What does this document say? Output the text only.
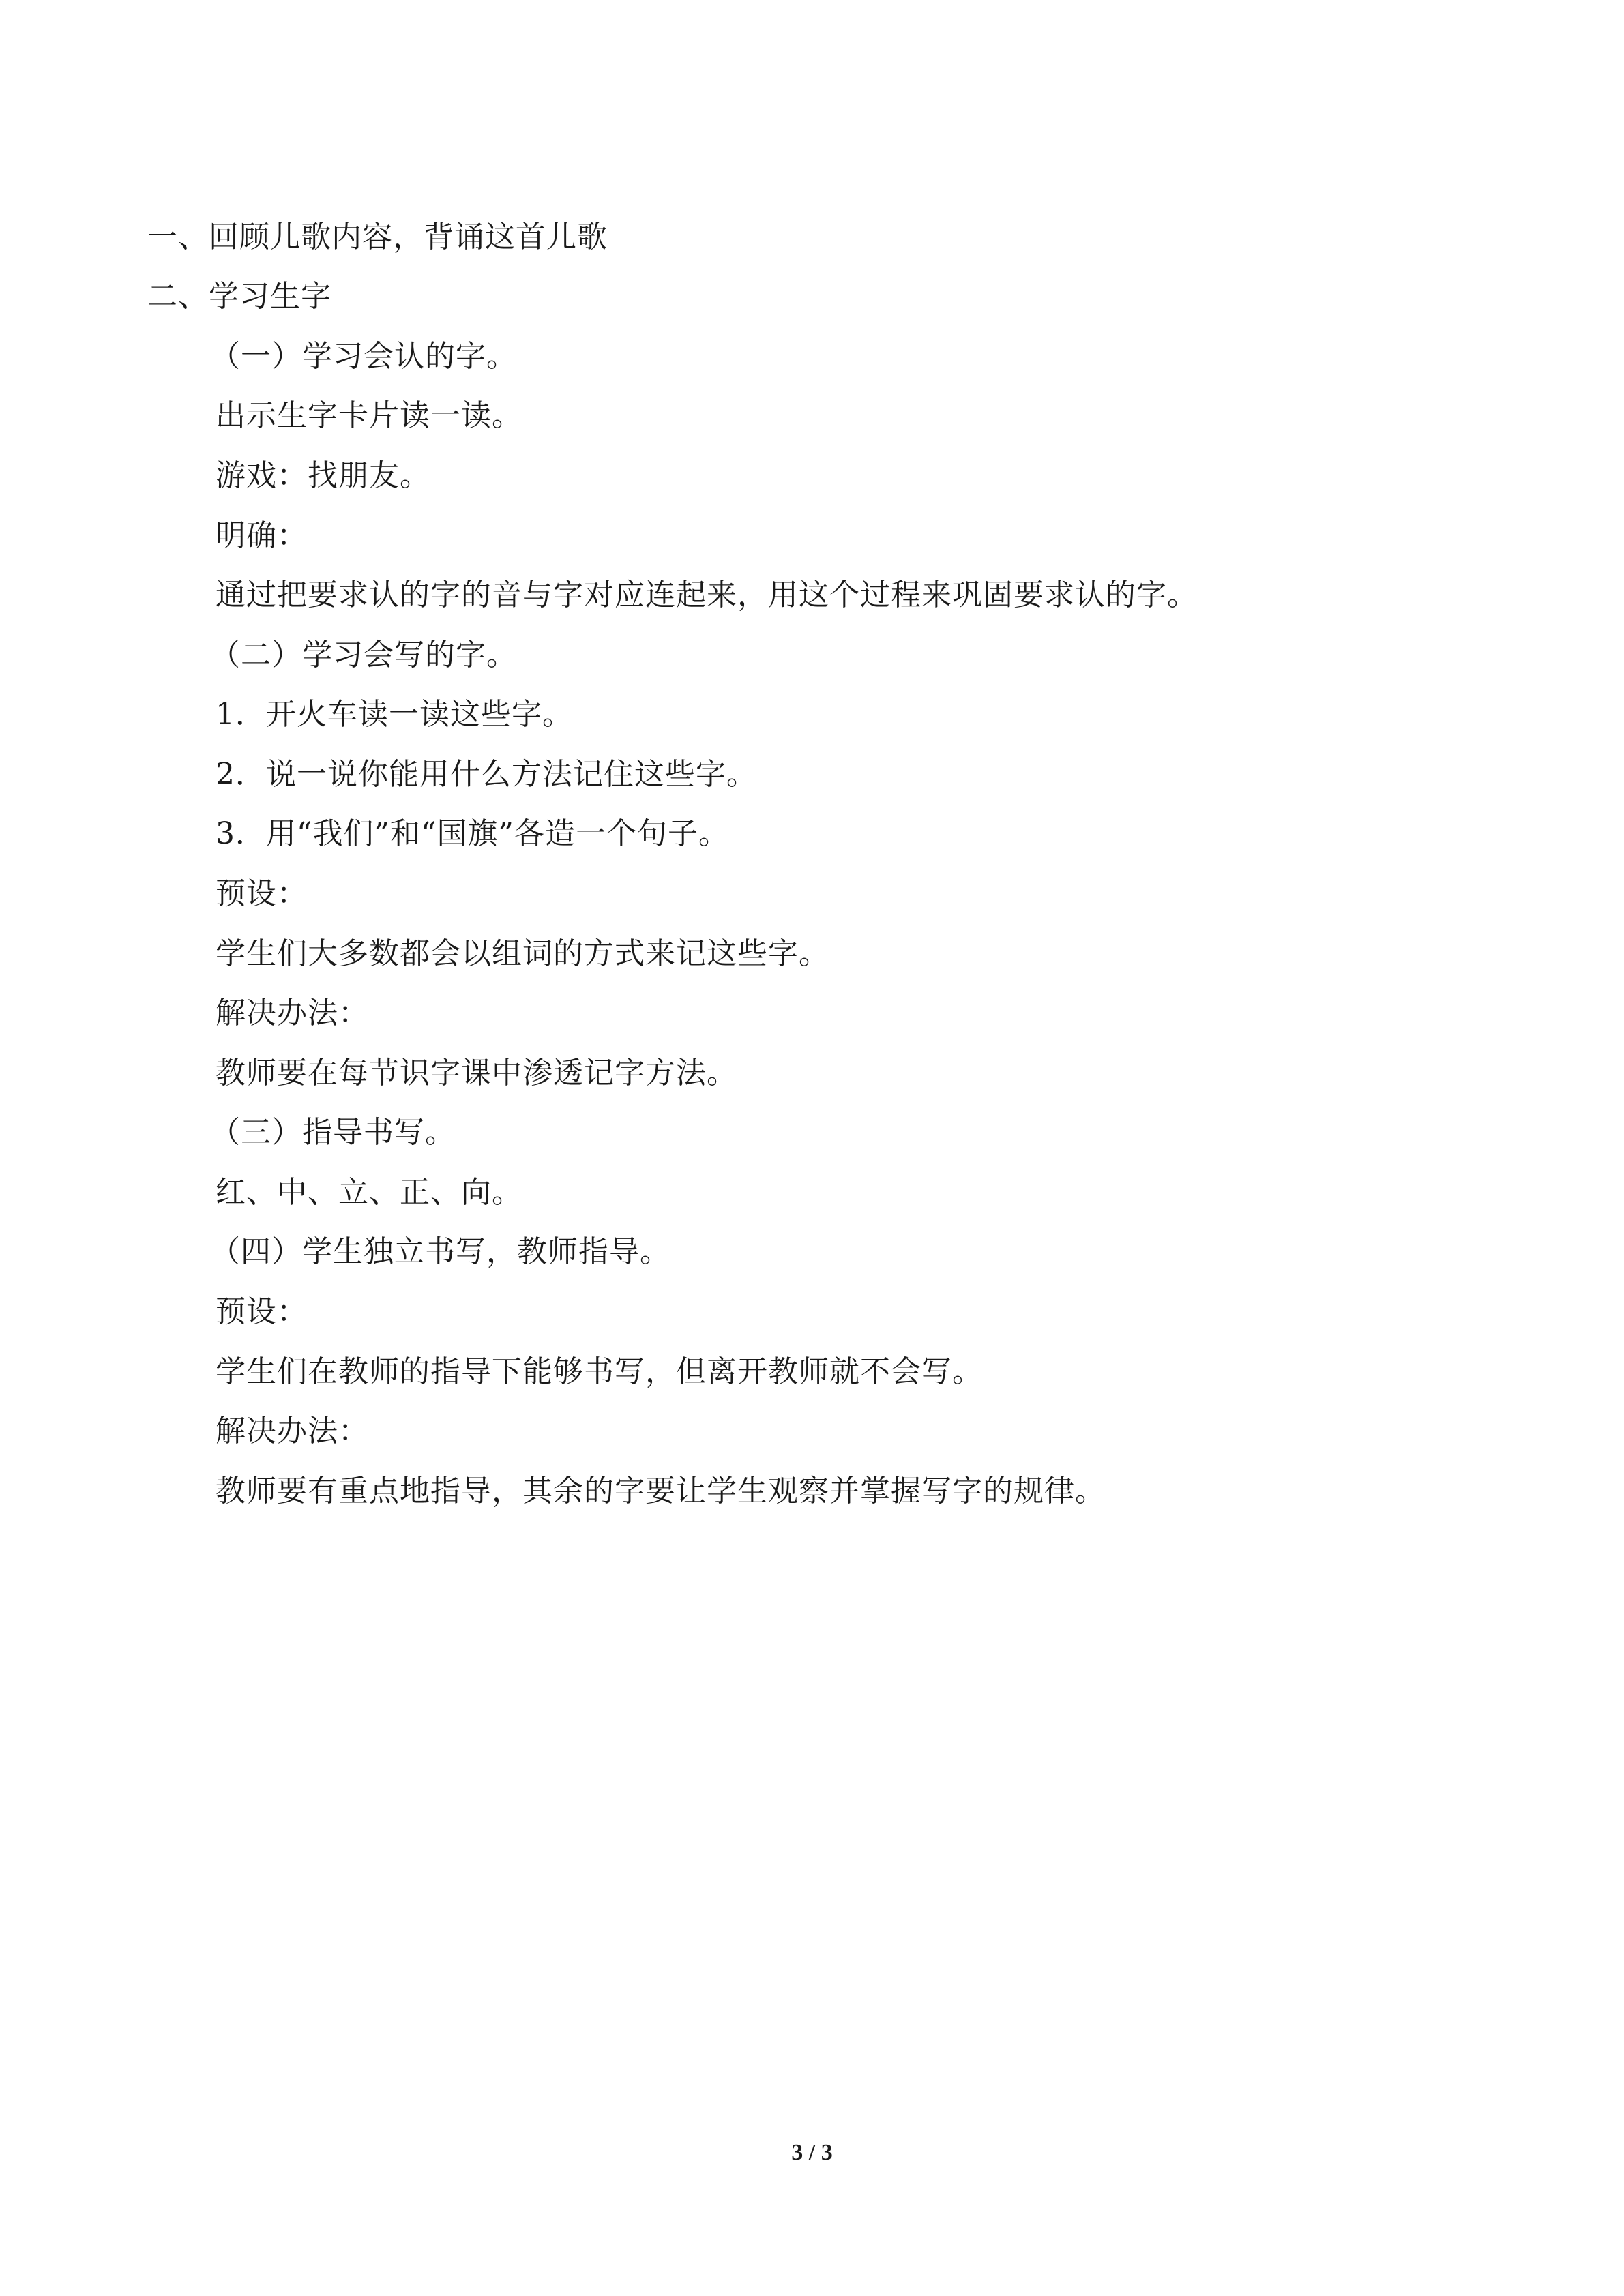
一、回顾儿歌内容，背诵这首儿歌
二、学习生字
（一）学习会认的字。
出示生字卡片读一读。
游戏：找朋友。
明确：
通过把要求认的字的音与字对应连起来，用这个过程来巩固要求认的字。
（二）学习会写的字。
1．开火车读一读这些字。
2．说一说你能用什么方法记住这些字。
3．用“我们”和“国旗”各造一个句子。
预设：
学生们大多数都会以组词的方式来记这些字。
解决办法：
教师要在每节识字课中渗透记字方法。
（三）指导书写。
红、中、立、正、向。
（四）学生独立书写，教师指导。
预设：
学生们在教师的指导下能够书写，但离开教师就不会写。
解决办法：
教师要有重点地指导，其余的字要让学生观察并掌握写字的规律。
3 / 3
